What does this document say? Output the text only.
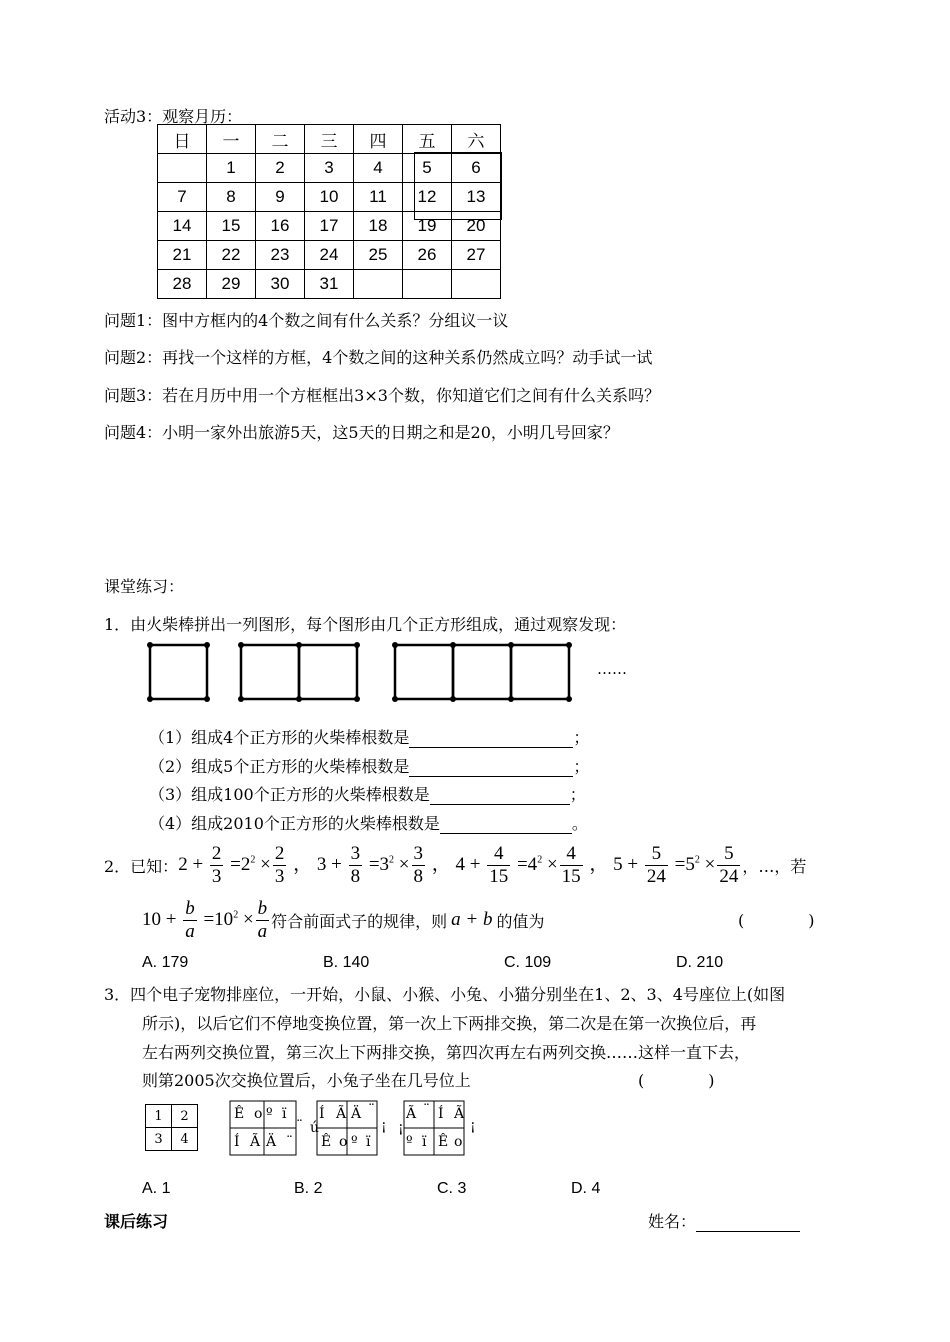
活动3：观察月历：
日	一	二	三	四	五	六
	1	2	3	4	5	6
7	8	9	10	11	12	13
14	15	16	17	18	19	20
21	22	23	24	25	26	27
28	29	30	31			
问题1：图中方框内的4个数之间有什么关系？分组议一议
问题2：再找一个这样的方框，4个数之间的这种关系仍然成立吗？动手试一试
问题3：若在月历中用一个方框框出3×3个数，你知道它们之间有什么关系吗？
问题4：小明一家外出旅游5天，这5天的日期之和是20，小明几号回家？
课堂练习：
1．由火柴棒拼出一列图形，每个图形由几个正方形组成，通过观察发现：
……
（1）组成4个正方形的火柴棒根数是	；
（2）组成5个正方形的火柴棒根数是	；
（3）组成100个正方形的火柴棒根数是	；
（4）组成2010个正方形的火柴棒根数是	。
2．已知： $2 + \frac{2}{3} =2^2 \times \frac{2}{3}$ ， $3 + \frac{3}{8} =3^2 \times \frac{3}{8}$ ， $4 + \frac{4}{15} =4^2 \times \frac{4}{15}$ ， $5 + \frac{5}{24} =5^2 \times \frac{5}{24}$ ，…，若
$10 + \frac{b}{a} =10^2 \times \frac{b}{a}$ 符合前面式子的规律，则 a + b 的值为	(　　　　)
A. 179	B. 140	C. 109	D. 210
3．四个电子宠物排座位，一开始，小鼠、小猴、小兔、小猫分别坐在1、2、3、4号座位上(如图
所示)，以后它们不停地变换位置，第一次上下两排交换，第二次是在第一次换位后，再
左右两列交换位置，第三次上下两排交换，第四次再左右两列交换……这样一直下去，
则第2005次交换位置后，小兔子坐在几号位上	(　　　　)
1	2
3	4
Ê o º ï
Í Ã Ä ¨
¨
Í Ã Ä ¨
ú
Ê o º ï
¡
Ã ¨ Í Ã
¡
º ï Ê o
¡
A. 1	B. 2	C. 3	D. 4
课后练习	姓名：
